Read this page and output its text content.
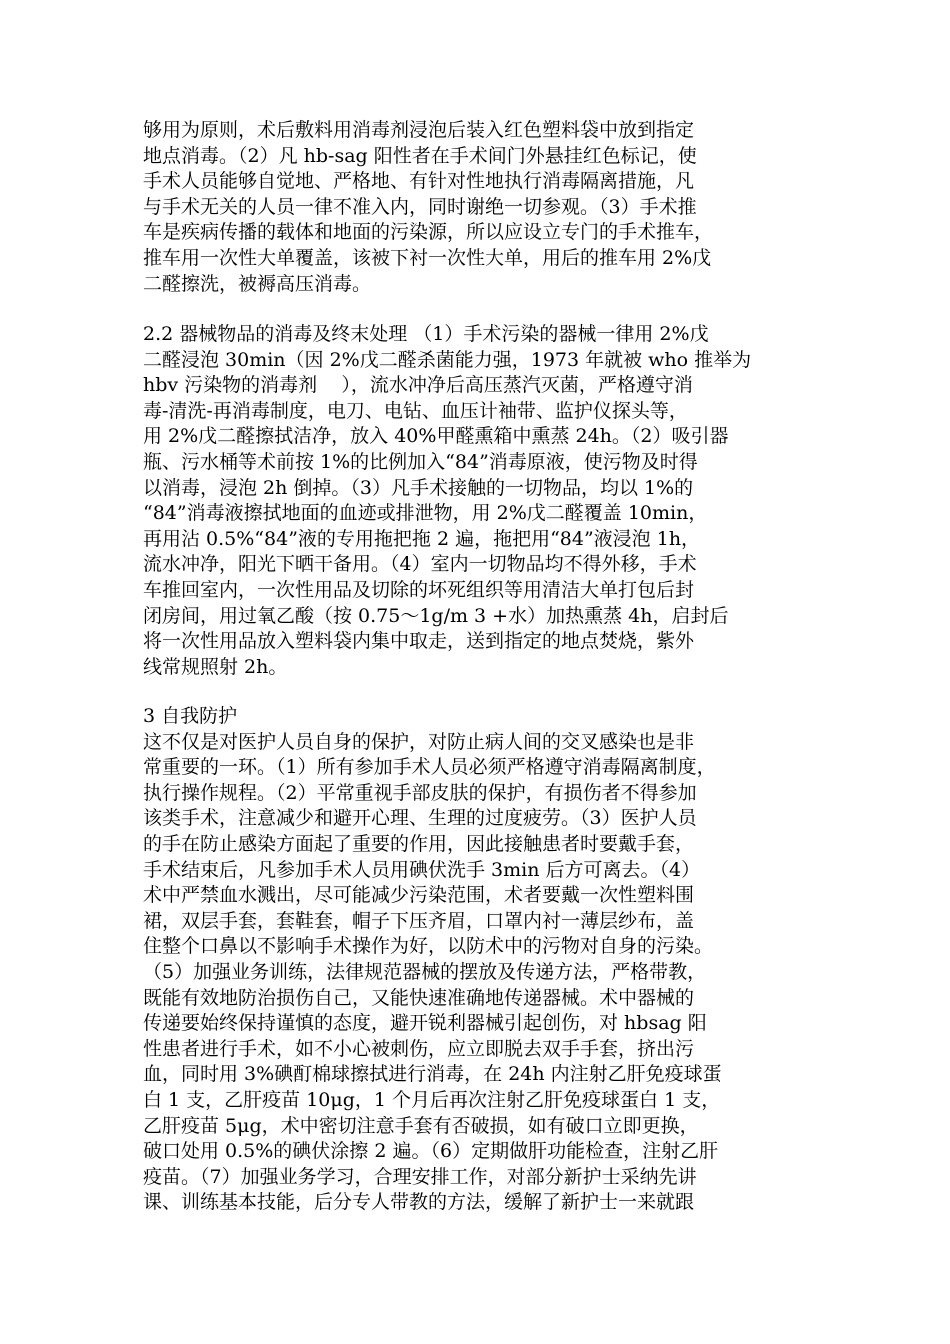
够用为原则，术后敷料用消毒剂浸泡后装入红色塑料袋中放到指定
地点消毒。（2）凡 hb-sag 阳性者在手术间门外悬挂红色标记，使
手术人员能够自觉地、严格地、有针对性地执行消毒隔离措施，凡
与手术无关的人员一律不准入内，同时谢绝一切参观。（3）手术推
车是疾病传播的载体和地面的污染源，所以应设立专门的手术推车，
推车用一次性大单覆盖，该被下衬一次性大单，用后的推车用 2%戊
二醛擦洗，被褥高压消毒。
2.2 器械物品的消毒及终末处理 （1）手术污染的器械一律用 2%戊
二醛浸泡 30min（因 2%戊二醛杀菌能力强，1973 年就被 who 推举为
hbv 污染物的消毒剂    ），流水冲净后高压蒸汽灭菌，严格遵守消
毒-清洗-再消毒制度，电刀、电钻、血压计袖带、监护仪探头等，
用 2%戊二醛擦拭洁净，放入 40%甲醛熏箱中熏蒸 24h。（2）吸引器
瓶、污水桶等术前按 1%的比例加入“84”消毒原液，使污物及时得
以消毒，浸泡 2h 倒掉。（3）凡手术接触的一切物品，均以 1%的
“84”消毒液擦拭地面的血迹或排泄物，用 2%戊二醛覆盖 10min，
再用沾 0.5%“84”液的专用拖把拖 2 遍，拖把用“84”液浸泡 1h，
流水冲净，阳光下晒干备用。（4）室内一切物品均不得外移，手术
车推回室内，一次性用品及切除的坏死组织等用清洁大单打包后封
闭房间，用过氧乙酸（按 0.75～1g/m 3 +水）加热熏蒸 4h，启封后
将一次性用品放入塑料袋内集中取走，送到指定的地点焚烧，紫外
线常规照射 2h。
3 自我防护
这不仅是对医护人员自身的保护，对防止病人间的交叉感染也是非
常重要的一环。（1）所有参加手术人员必须严格遵守消毒隔离制度，
执行操作规程。（2）平常重视手部皮肤的保护，有损伤者不得参加
该类手术，注意减少和避开心理、生理的过度疲劳。（3）医护人员
的手在防止感染方面起了重要的作用，因此接触患者时要戴手套，
手术结束后，凡参加手术人员用碘伏洗手 3min 后方可离去。（4）
术中严禁血水溅出，尽可能减少污染范围，术者要戴一次性塑料围
裙，双层手套，套鞋套，帽子下压齐眉，口罩内衬一薄层纱布，盖
住整个口鼻以不影响手术操作为好，以防术中的污物对自身的污染。
（5）加强业务训练，法律规范器械的摆放及传递方法，严格带教，
既能有效地防治损伤自己，又能快速准确地传递器械。术中器械的
传递要始终保持谨慎的态度，避开锐利器械引起创伤，对 hbsag 阳
性患者进行手术，如不小心被刺伤，应立即脱去双手手套，挤出污
血，同时用 3%碘酊棉球擦拭进行消毒，在 24h 内注射乙肝免疫球蛋
白 1 支，乙肝疫苗 10μg，1 个月后再次注射乙肝免疫球蛋白 1 支，
乙肝疫苗 5μg，术中密切注意手套有否破损，如有破口立即更换，
破口处用 0.5%的碘伏涂擦 2 遍。（6）定期做肝功能检查，注射乙肝
疫苗。（7）加强业务学习，合理安排工作，对部分新护士采纳先讲
课、训练基本技能，后分专人带教的方法，缓解了新护士一来就跟
